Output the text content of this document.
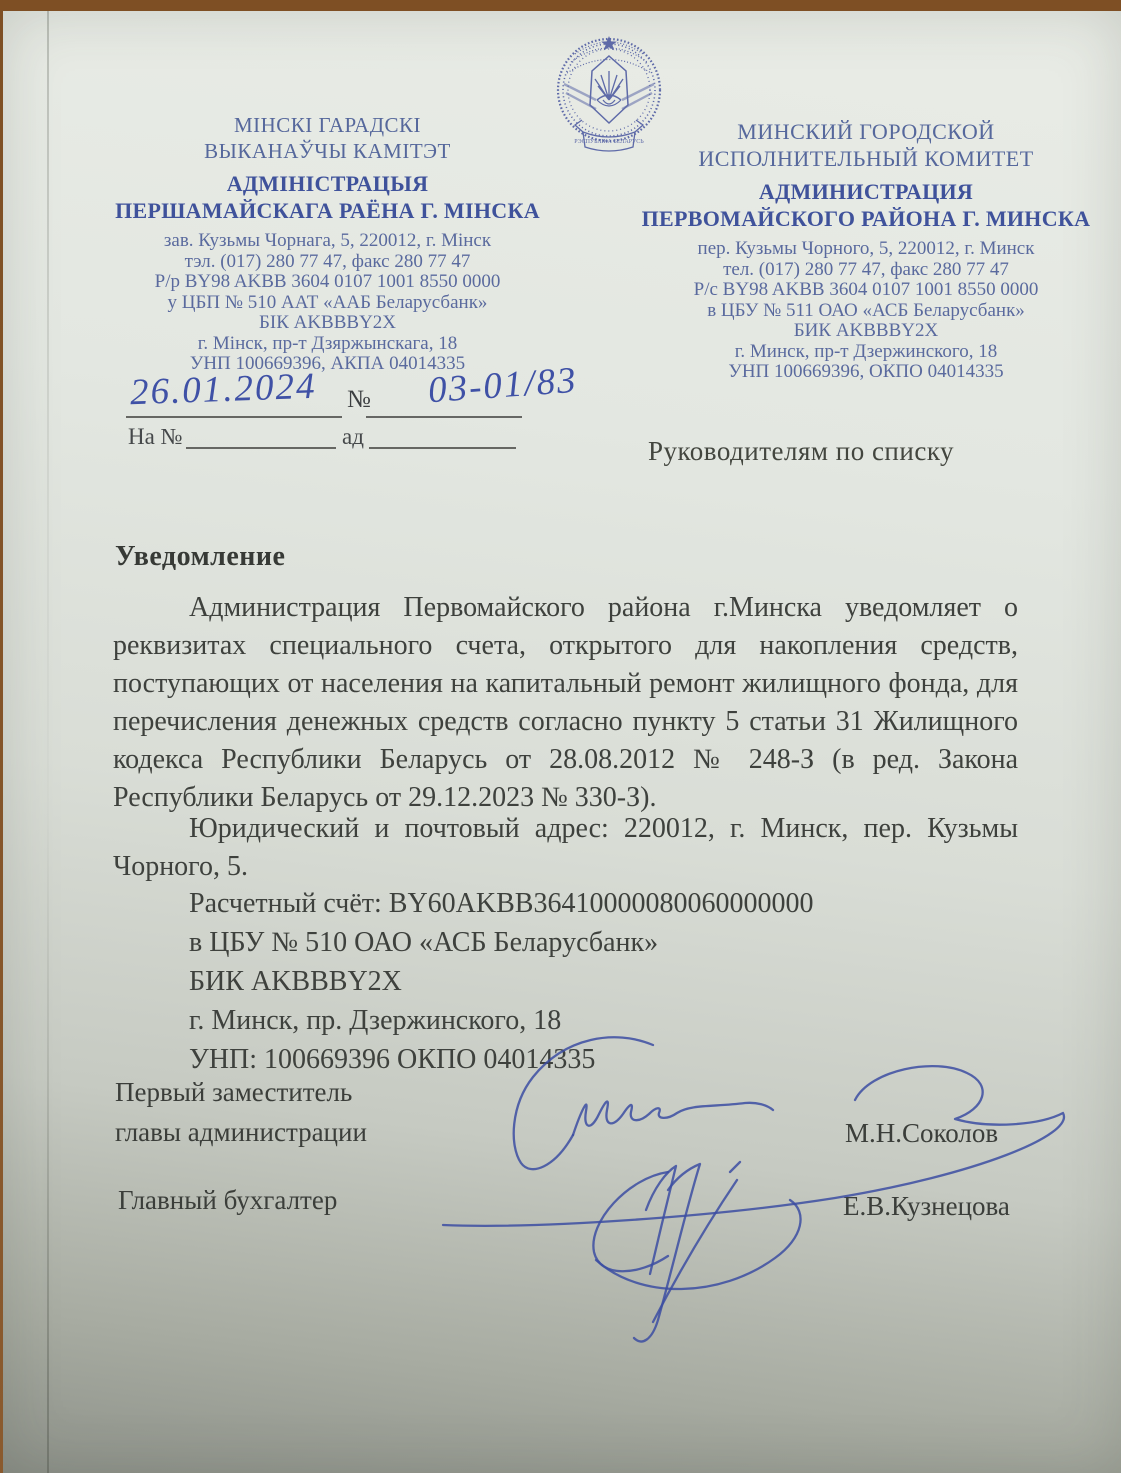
РЭСПУБЛІКА БЕЛАРУСЬ
МІНСКІ ГАРАДСКІ
ВЫКАНАЎЧЫ КАМІТЭТ
АДМІНІСТРАЦЫЯ
ПЕРШАМАЙСКАГА РАЁНА Г. МІНСКА
зав. Кузьмы Чорнага, 5, 220012, г. Мінск
тэл. (017) 280 77 47, факс 280 77 47
Р/р BY98 AKBB 3604 0107 1001 8550 0000
у ЦБП № 510 ААТ «ААБ Беларусбанк»
БІК AKBBBY2X
г. Мінск, пр-т Дзяржынскага, 18
УНП 100669396, АКПА 04014335
МИНСКИЙ ГОРОДСКОЙ
ИСПОЛНИТЕЛЬНЫЙ КОМИТЕТ
АДМИНИСТРАЦИЯ
ПЕРВОМАЙСКОГО РАЙОНА Г. МИНСКА
пер. Кузьмы Чорного, 5, 220012, г. Минск
тел. (017) 280 77 47, факс 280 77 47
Р/с BY98 AKBB 3604 0107 1001 8550 0000
в ЦБУ № 511 ОАО «АСБ Беларусбанк»
БИК AKBBBY2X
г. Минск, пр-т Дзержинского, 18
УНП 100669396, ОКПО 04014335
26.01.2024 № 03-01/83
На №	ад	Руководителям по списку
Уведомление
Администрация Первомайского района г.Минска уведомляет о реквизитах специального счета, открытого для накопления средств, поступающих от населения на капитальный ремонт жилищного фонда, для перечисления денежных средств согласно пункту 5 статьи 31 Жилищного кодекса Республики Беларусь от 28.08.2012 № 248-З (в ред. Закона Республики Беларусь от 29.12.2023 № 330-З).
Юридический и почтовый адрес: 220012, г. Минск, пер. Кузьмы Чорного, 5.
Расчетный счёт: BY60AKBB36410000080060000000
в ЦБУ № 510 ОАО «АСБ Беларусбанк»
БИК AKBBBY2X
г. Минск, пр. Дзержинского, 18
УНП: 100669396 ОКПО 04014335
Первый заместитель
главы администрации	М.Н.Соколов
Главный бухгалтер	Е.В.Кузнецова
